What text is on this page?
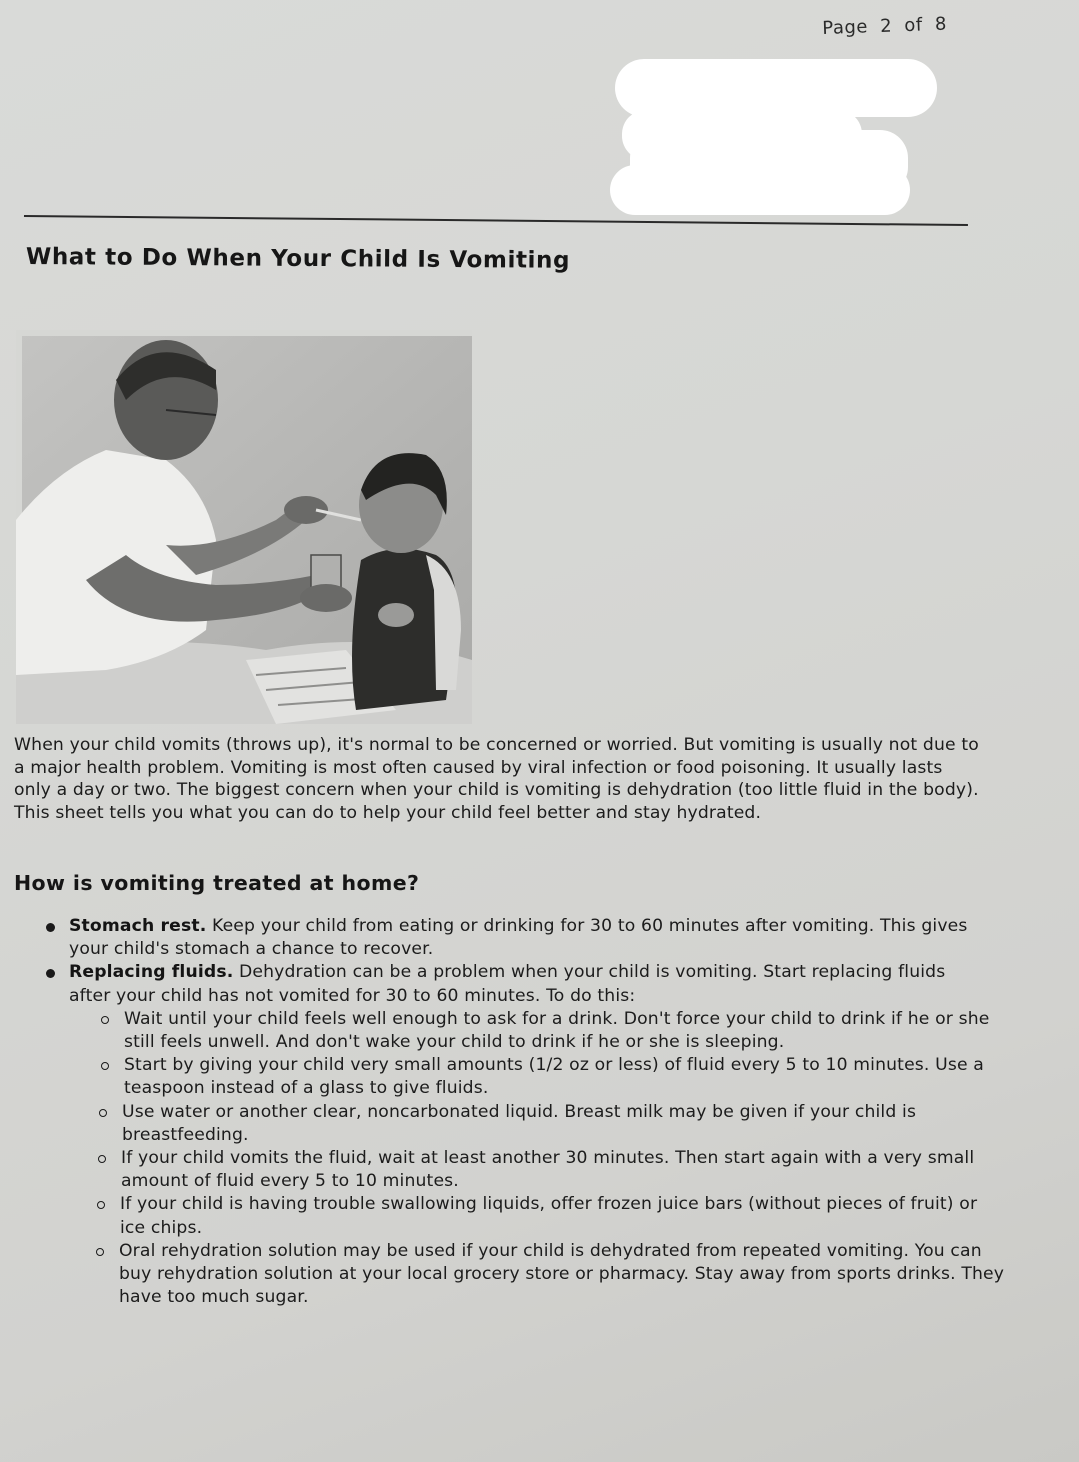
Page 2 of 8
What to Do When Your Child Is Vomiting

When your child vomits (throws up), it's normal to be concerned or worried. But vomiting is usually not due to a major health problem. Vomiting is most often caused by viral infection or food poisoning. It usually lasts only a day or two. The biggest concern when your child is vomiting is dehydration (too little fluid in the body). This sheet tells you what you can do to help your child feel better and stay hydrated.

How is vomiting treated at home?
Stomach rest. Keep your child from eating or drinking for 30 to 60 minutes after vomiting. This gives your child's stomach a chance to recover.
Replacing fluids. Dehydration can be a problem when your child is vomiting. Start replacing fluids after your child has not vomited for 30 to 60 minutes. To do this:
Wait until your child feels well enough to ask for a drink. Don't force your child to drink if he or she still feels unwell. And don't wake your child to drink if he or she is sleeping.
Start by giving your child very small amounts (1/2 oz or less) of fluid every 5 to 10 minutes. Use a teaspoon instead of a glass to give fluids.
Use water or another clear, noncarbonated liquid. Breast milk may be given if your child is breastfeeding.
If your child vomits the fluid, wait at least another 30 minutes. Then start again with a very small amount of fluid every 5 to 10 minutes.
If your child is having trouble swallowing liquids, offer frozen juice bars (without pieces of fruit) or ice chips.
Oral rehydration solution may be used if your child is dehydrated from repeated vomiting. You can buy rehydration solution at your local grocery store or pharmacy. Stay away from sports drinks. They have too much sugar.
